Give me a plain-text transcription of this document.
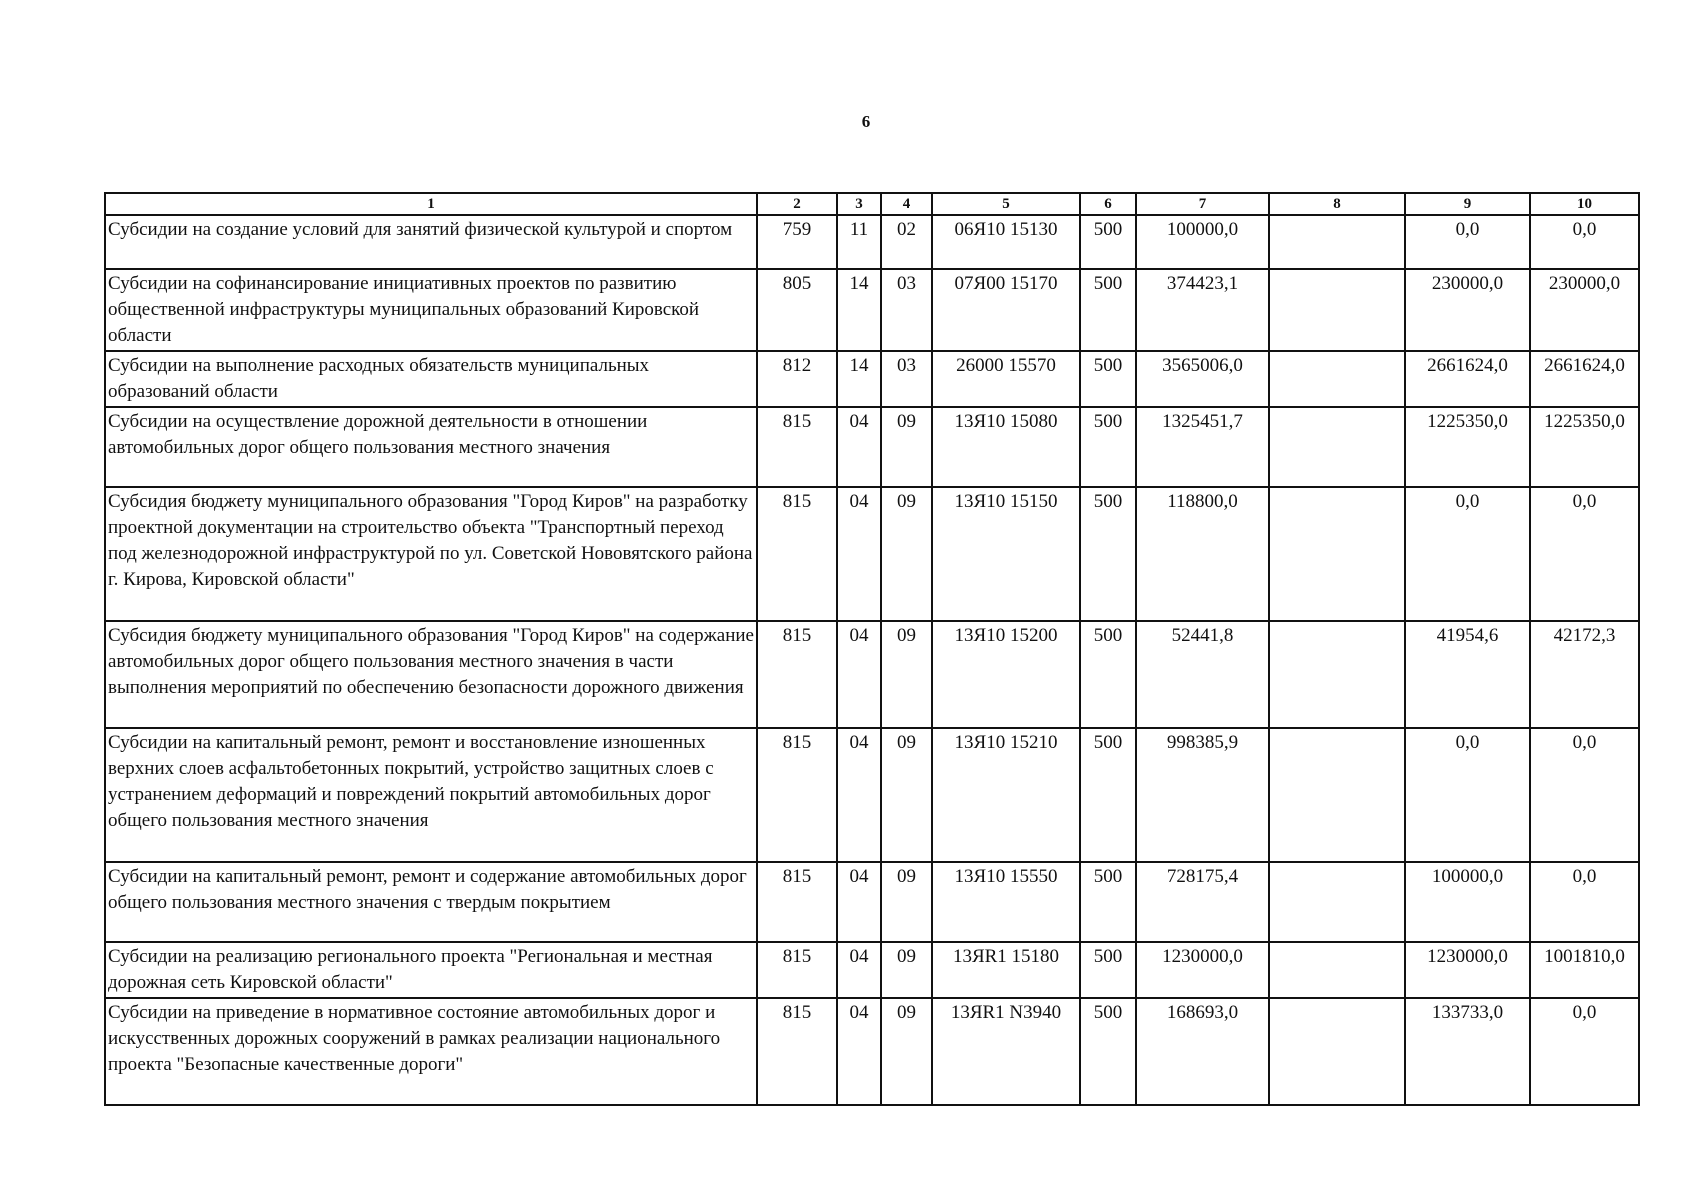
6
1	2	3	4	5	6	7	8	9	10
Субсидии на создание условий для занятий физической культурой и спортом	759	11	02	06Я10 15130	500	100000,0		0,0	0,0
Субсидии на софинансирование инициативных проектов по развитию общественной инфраструктуры муниципальных образований Кировской области	805	14	03	07Я00 15170	500	374423,1		230000,0	230000,0
Субсидии на выполнение расходных обязательств муниципальных образований области	812	14	03	26000 15570	500	3565006,0		2661624,0	2661624,0
Субсидии на осуществление дорожной деятельности в отношении автомобильных дорог общего пользования местного значения	815	04	09	13Я10 15080	500	1325451,7		1225350,0	1225350,0
Субсидия бюджету муниципального образования "Город Киров" на разработку проектной документации на строительство объекта "Транспортный переход под железнодорожной инфраструктурой по ул. Советской Нововятского района г. Кирова, Кировской области"	815	04	09	13Я10 15150	500	118800,0		0,0	0,0
Субсидия бюджету муниципального образования "Город Киров" на содержание автомобильных дорог общего пользования местного значения в части выполнения мероприятий по обеспечению безопасности дорожного движения	815	04	09	13Я10 15200	500	52441,8		41954,6	42172,3
Субсидии на капитальный ремонт, ремонт и восстановление изношенных верхних слоев асфальтобетонных покрытий, устройство защитных слоев с устранением деформаций и повреждений покрытий автомобильных дорог общего пользования местного значения	815	04	09	13Я10 15210	500	998385,9		0,0	0,0
Субсидии на капитальный ремонт, ремонт и содержание автомобильных дорог общего пользования местного значения с твердым покрытием	815	04	09	13Я10 15550	500	728175,4		100000,0	0,0
Субсидии на реализацию регионального проекта "Региональная и местная дорожная сеть Кировской области"	815	04	09	13ЯR1 15180	500	1230000,0		1230000,0	1001810,0
Субсидии на приведение в нормативное состояние автомобильных дорог и искусственных дорожных сооружений в рамках реализации национального проекта "Безопасные качественные дороги"	815	04	09	13ЯR1 N3940	500	168693,0		133733,0	0,0
